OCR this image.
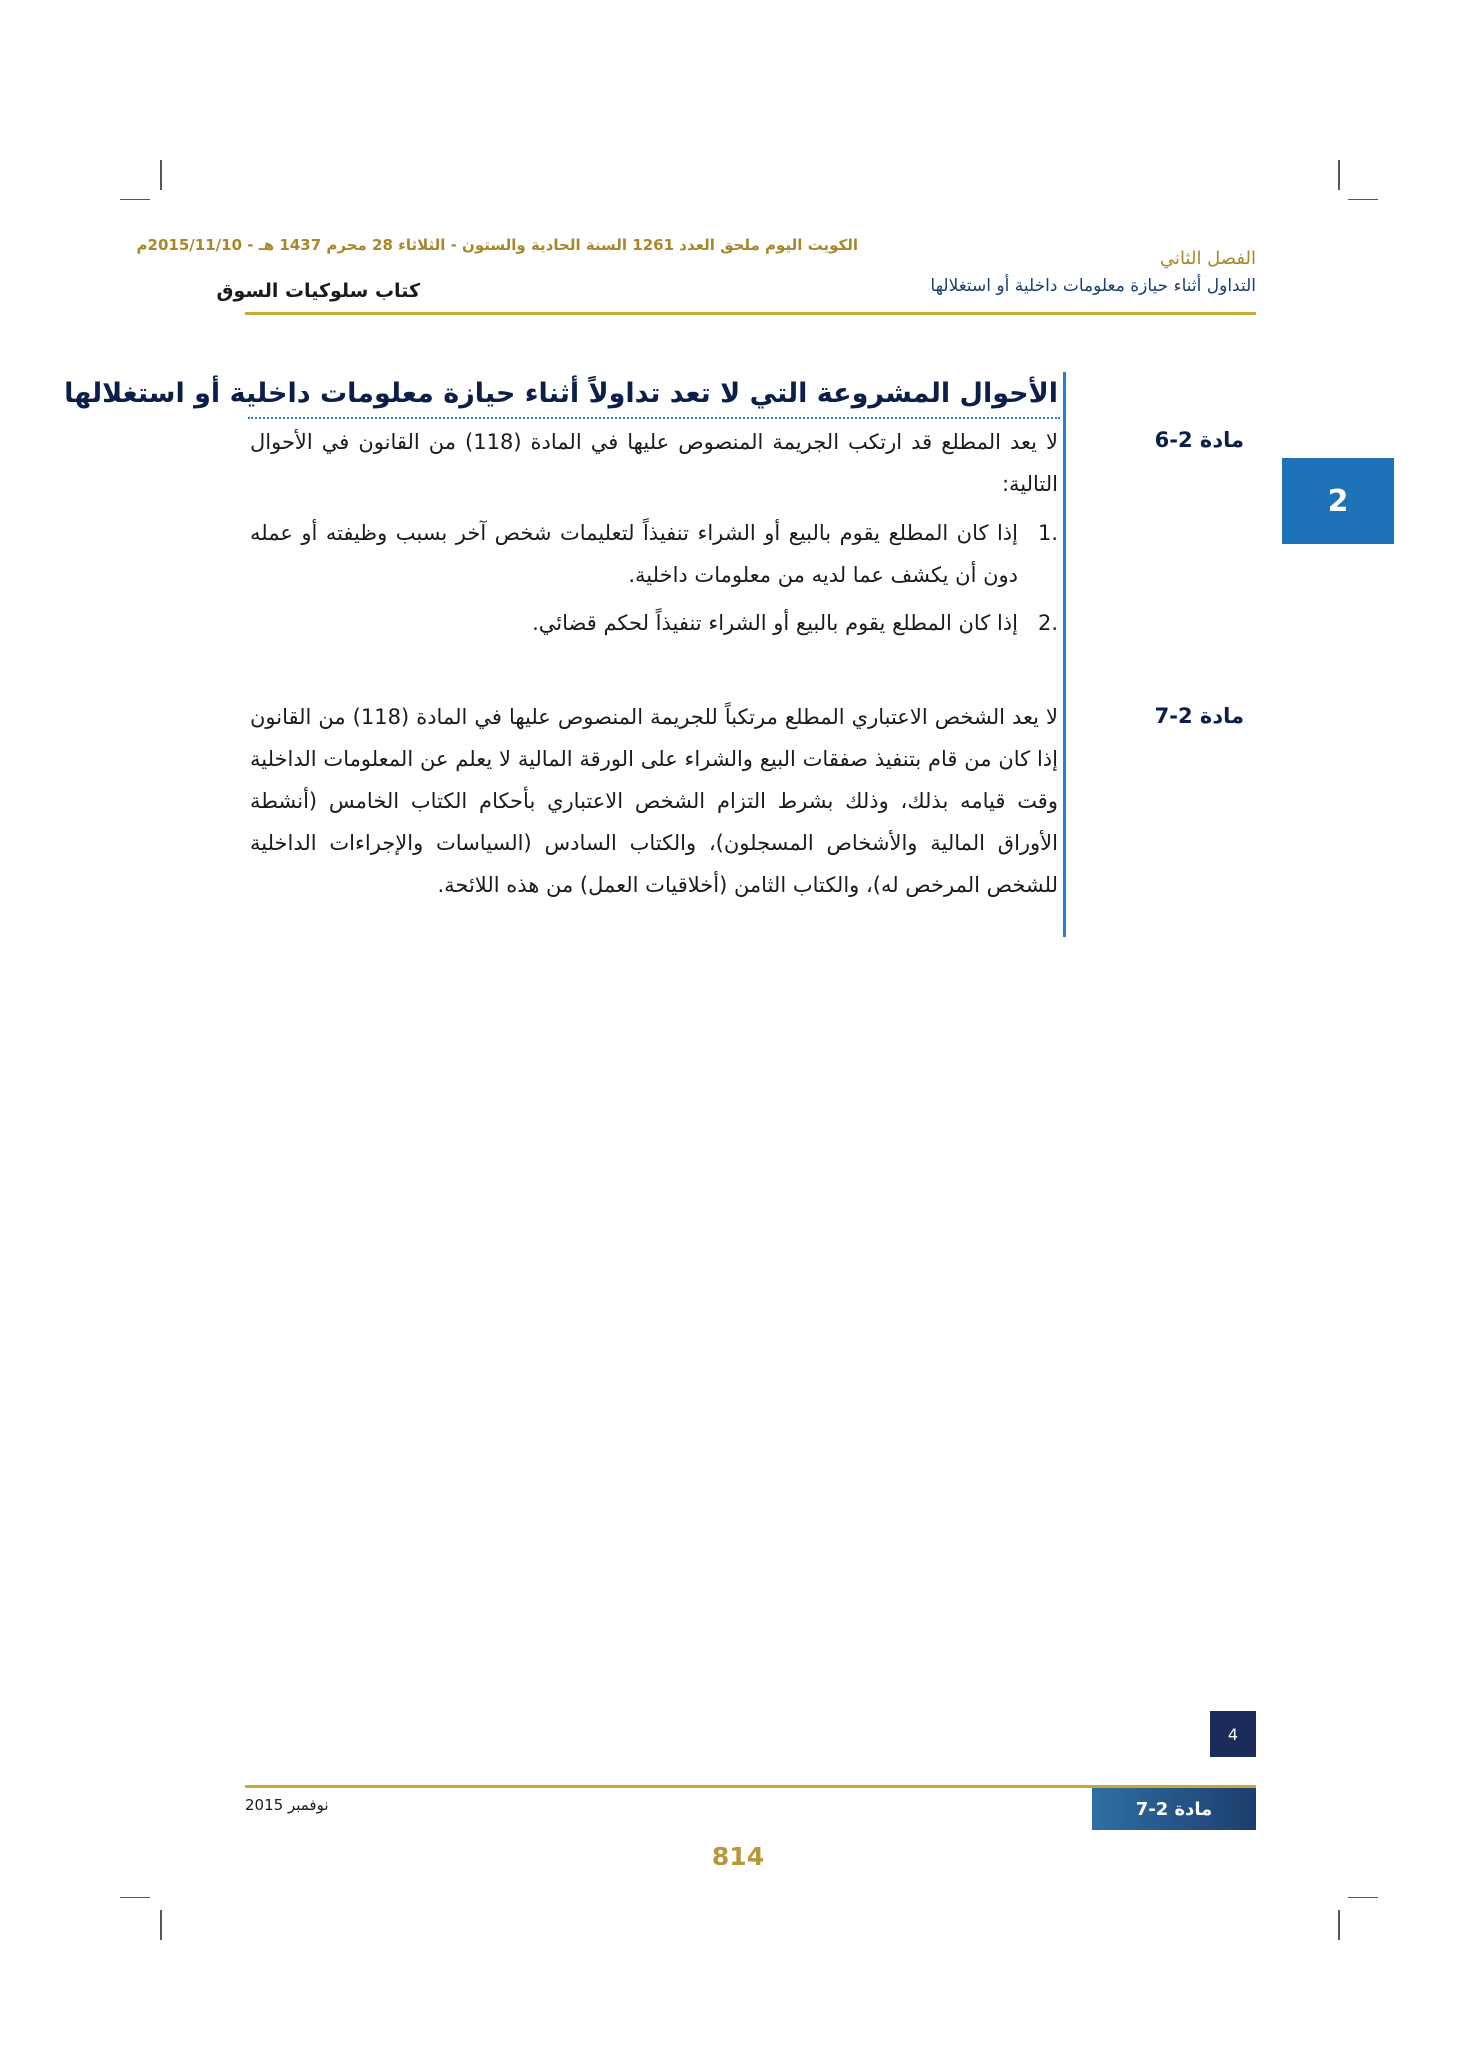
الكويت اليوم ملحق العدد 1261 السنة الحادية والستون - الثلاثاء 28 محرم 1437 هـ - 2015/11/10م
الفصل الثاني
التداول أثناء حيازة معلومات داخلية أو استغلالها
كتاب سلوكيات السوق
2
الأحوال المشروعة التي لا تعد تداولاً أثناء حيازة معلومات داخلية أو استغلالها
مادة 2-6
لا يعد المطلع قد ارتكب الجريمة المنصوص عليها في المادة (118) من القانون في الأحوال التالية:
.1
إذا كان المطلع يقوم بالبيع أو الشراء تنفيذاً لتعليمات شخص آخر بسبب وظيفته أو عمله دون أن يكشف عما لديه من معلومات داخلية.
.2
إذا كان المطلع يقوم بالبيع أو الشراء تنفيذاً لحكم قضائي.
مادة 2-7
لا يعد الشخص الاعتباري المطلع مرتكباً للجريمة المنصوص عليها في المادة (118) من القانون إذا كان من قام بتنفيذ صفقات البيع والشراء على الورقة المالية لا يعلم عن المعلومات الداخلية وقت قيامه بذلك، وذلك بشرط التزام الشخص الاعتباري بأحكام الكتاب الخامس (أنشطة الأوراق المالية والأشخاص المسجلون)، والكتاب السادس (السياسات والإجراءات الداخلية للشخص المرخص له)، والكتاب الثامن (أخلاقيات العمل) من هذه اللائحة.
4
مادة 2-7
نوفمبر 2015
814
